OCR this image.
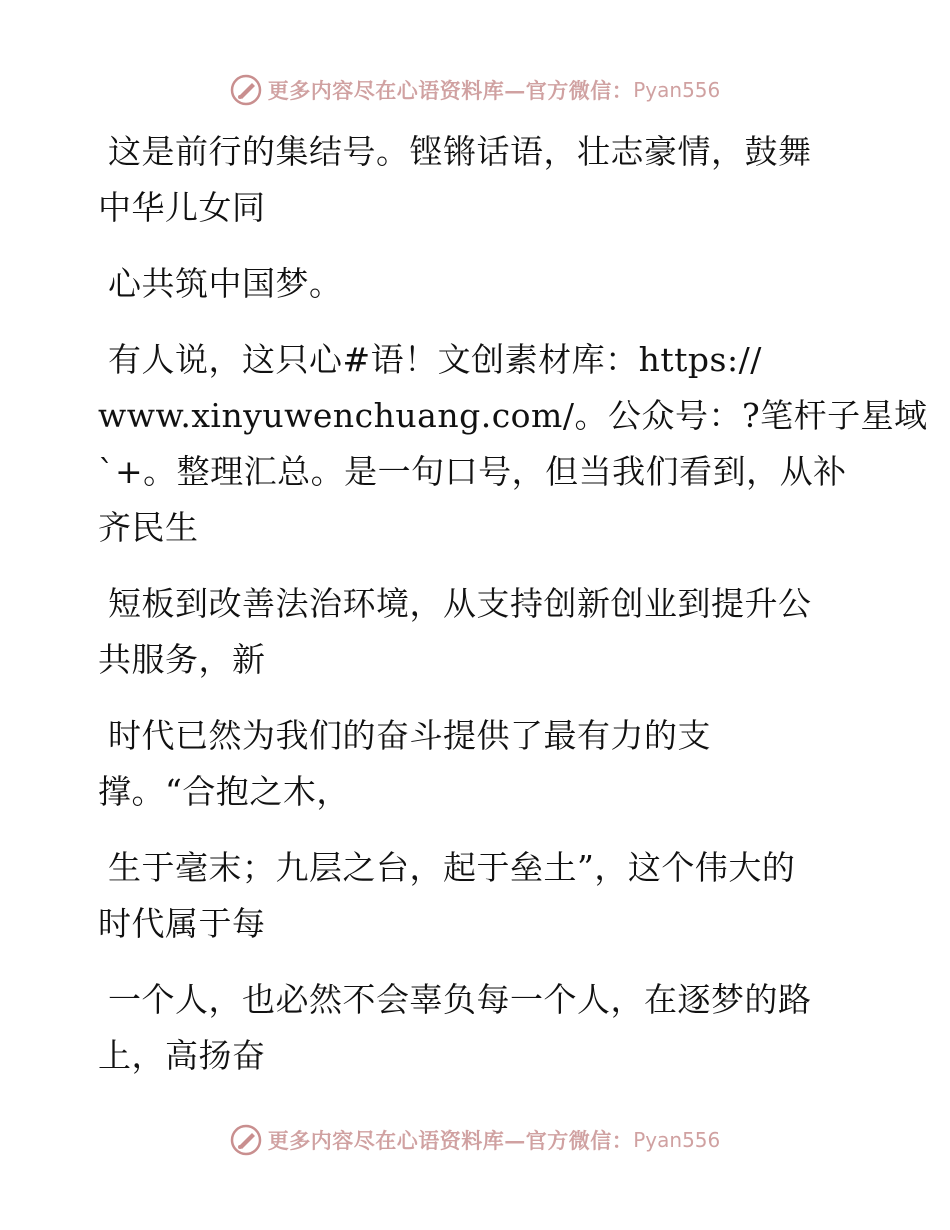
更多内容尽在心语资料库—官方微信： Pyan556
这是前行的集结号。铿锵话语，壮志豪情，鼓舞
中华儿女同
心共筑中国梦。
有人说，这只心#语！文创素材库：https://
www.xinyuwenchuang.com/。公众号：?笔杆子星域
`+。整理汇总。是一句口号，但当我们看到，从补
齐民生
短板到改善法治环境，从支持创新创业到提升公
共服务，新
时代已然为我们的奋斗提供了最有力的支
撑。“合抱之木，
生于毫末；九层之台，起于垒土”，这个伟大的
时代属于每
一个人，也必然不会辜负每一个人，在逐梦的路
上，高扬奋
更多内容尽在心语资料库—官方微信： Pyan556
